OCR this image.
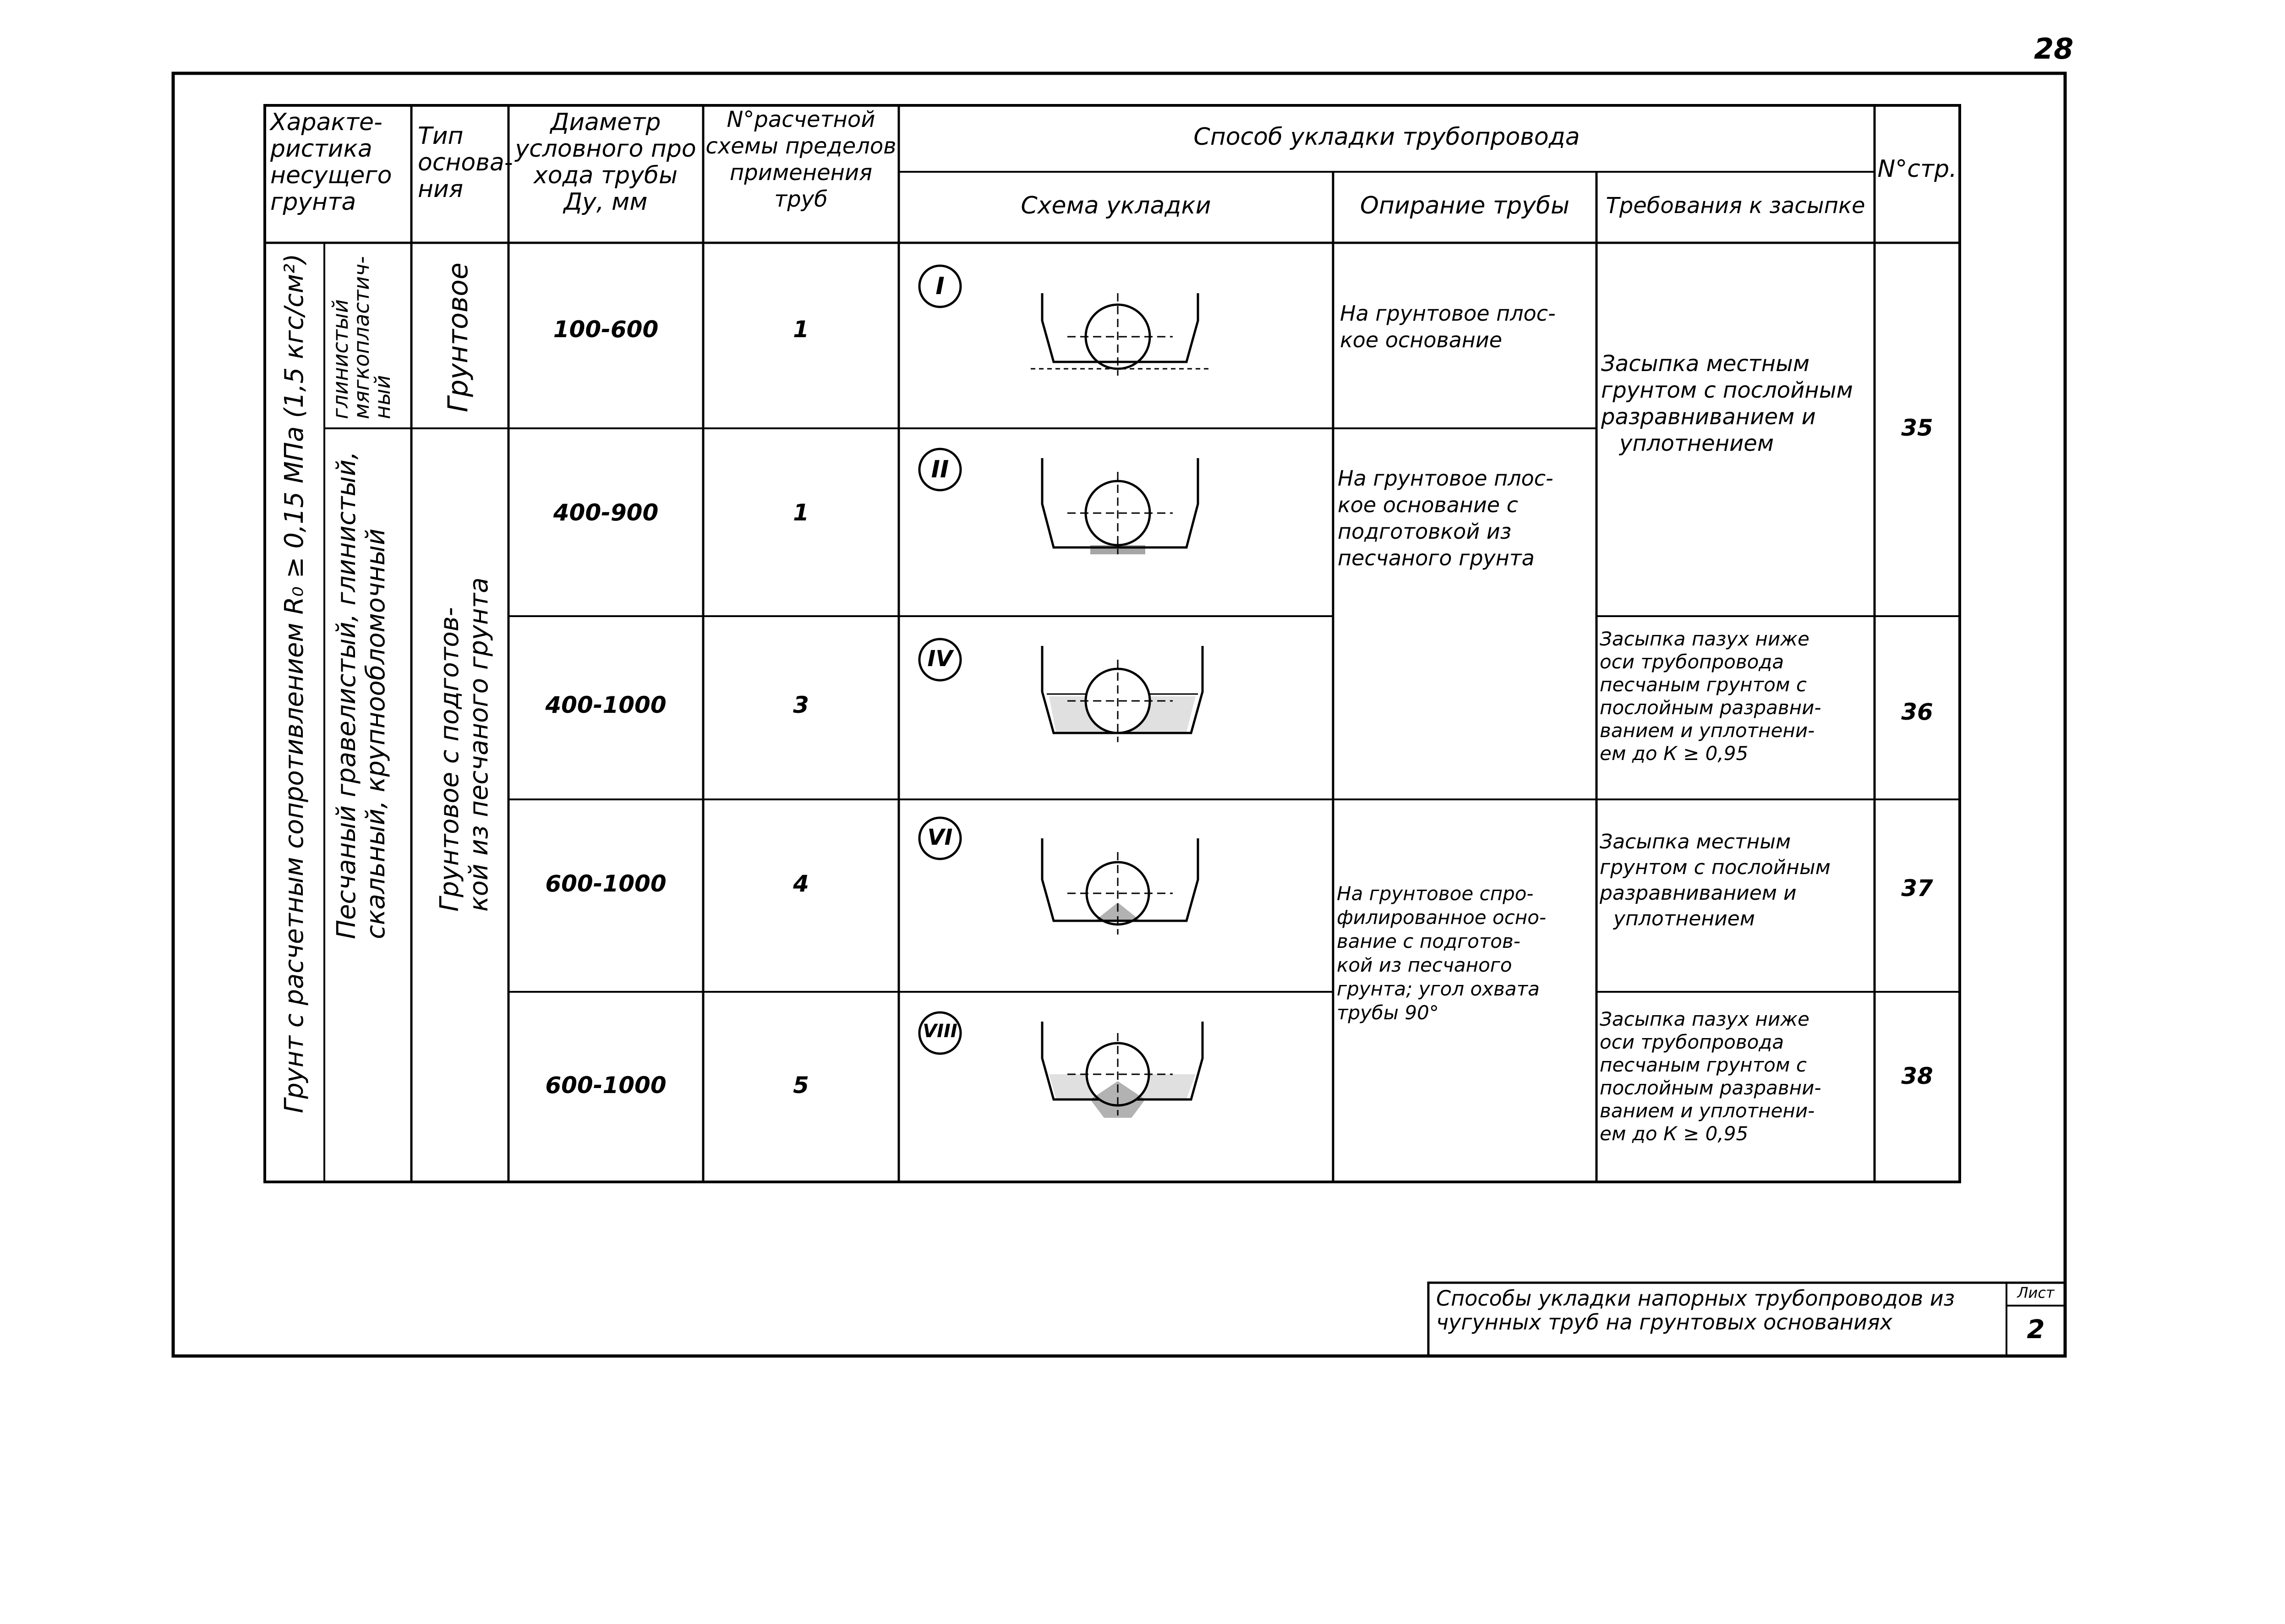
28
I
II
IV
VI
VIII
Характе-
ристика
несущего
грунта
Тип
основа-
ния
Диаметр
условного про
хода трубы
Ду, мм
N°расчетной
схемы пределов
применения
труб
Способ укладки трубопровода
Схема укладки	Опирание трубы	Требования к засыпке
N°стр.
Грунт с расчетным сопротивлением R₀ ≥ 0,15 МПа (1,5 кгс/см²) глинистый
мягкопластич-
ный
Песчаный гравелистый, глинистый, скальный, крупнообломочный
Грунтовое
Грунтовое с подготов- кой из песчаного грунта
100-600
400-900
400-1000
600-1000
600-1000
1
1
3
4
5
На грунтовое плос-
кое основание
На грунтовое плос-
кое основание с
подготовкой из
песчаного грунта
На грунтовое спро-
филированное осно-
вание с подготов-
кой из песчаного
грунта; угол охвата
трубы 90°
Засыпка местным
грунтом с послойным
разравниванием и
уплотнением
Засыпка пазух ниже
оси трубопровода
песчаным грунтом с
послойным разравни-
ванием и уплотнени-
ем до К ≥ 0,95
Засыпка местным
грунтом с послойным
разравниванием и
уплотнением
Засыпка пазух ниже
оси трубопровода
песчаным грунтом с
послойным разравни-
ванием и уплотнени-
ем до К ≥ 0,95
35
36
37
38
Способы укладки напорных трубопроводов из
чугунных труб на грунтовых основаниях
Лист
2
